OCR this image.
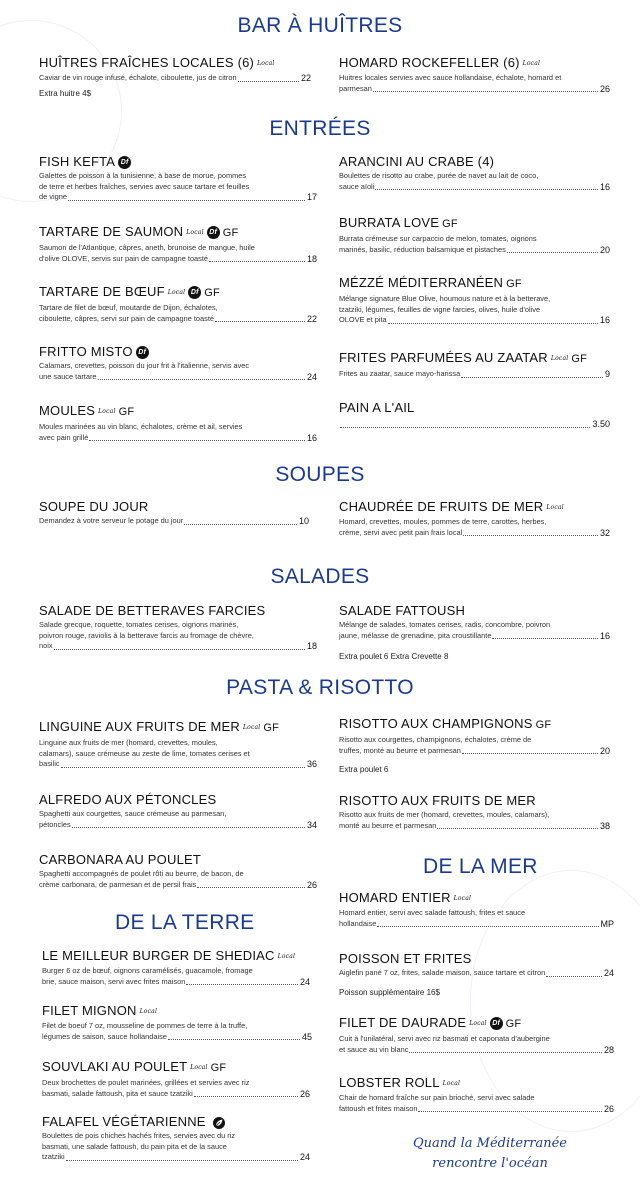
BAR À HUÎTRES
ENTRÉES
SOUPES
SALADES
PASTA & RISOTTO
DE LA TERRE
DE LA MER
HUÎTRES FRAÎCHES LOCALES (6) Local
Caviar de vin rouge infusé, échalote, ciboulette, jus de citron	22
Extra huitre 4$
HOMARD ROCKEFELLER (6) Local
Huitres locales servies avec sauce hollandaise, échalote, homard et
parmesan	26
FISH KEFTA Df
Galettes de poisson à la tunisienne, à base de morue, pommes
de terre et herbes fraîches, servies avec sauce tartare et feuilles
de vigne	17
TARTARE DE SAUMON Local Df GF
Saumon de l'Atlantique, câpres, aneth, brunoise de mangue, huile
d'olive OLOVE, servis sur pain de campagne toasté	18
TARTARE DE BŒUF Local Df GF
Tartare de filet de bœuf, moutarde de Dijon, échalotes,
ciboulette, câpres, servi sur pain de campagne toasté	22
FRITTO MISTO Df
Calamars, crevettes, poisson du jour frit à l'italienne, servis avec
une sauce tartare	24
MOULES Local GF
Moules marinées au vin blanc, échalotes, crème et ail, servies
avec pain grillé	16
ARANCINI AU CRABE (4)
Boulettes de risotto au crabe, purée de navet au lait de coco,
sauce aïoli	16
BURRATA LOVE GF
Burrata crémeuse sur carpaccio de melon, tomates, oignons
marinés, basilic, réduction balsamique et pistaches	20
MÉZZÉ MÉDITERRANÉEN GF
Mélange signature Blue Olive, houmous nature et à la betterave,
tzatziki, légumes, feuilles de vigne farcies, olives, huile d'olive
OLOVE et pita	16
FRITES PARFUMÉES AU ZAATAR Local GF
Frites au zaatar, sauce mayo-harissa	9
PAIN A L'AIL
3.50
SOUPE DU JOUR
Demandez à votre serveur le potage du jour	10
CHAUDRÉE DE FRUITS DE MER Local
Homard, crevettes, moules, pommes de terre, carottes, herbes,
crème, servi avec petit pain frais local	32
SALADE DE BETTERAVES FARCIES
Salade grecque, roquette, tomates cerises, oignons marinés,
poivron rouge, raviolis à la betterave farcis au fromage de chèvre,
noix	18
SALADE FATTOUSH
Mélange de salades, tomates cerises, radis, concombre, poivron
jaune, mélasse de grenadine, pita croustillante	16
Extra poulet 6 Extra Crevette 8
LINGUINE AUX FRUITS DE MER Local GF
Linguine aux fruits de mer (homard, crevettes, moules,
calamars), sauce crémeuse au zeste de lime, tomates cerises et
basilic	36
ALFREDO AUX PÉTONCLES
Spaghetti aux courgettes, sauce crémeuse au parmesan,
pétoncles	34
CARBONARA AU POULET
Spaghetti accompagnés de poulet rôti au beurre, de bacon, de
crème carbonara, de parmesan et de persil frais	26
RISOTTO AUX CHAMPIGNONS GF
Risotto aux courgettes, champignons, échalotes, crème de
truffes, monté au beurre et parmesan	20
Extra poulet 6
RISOTTO AUX FRUITS DE MER
Risotto aux fruits de mer (homard, crevettes, moules, calamars),
monté au beurre et parmesan	38
LE MEILLEUR BURGER DE SHEDIAC Local
Burger 6 oz de bœuf, oignons caramélisés, guacamole, fromage
brie, sauce maison, servi avec frites maison	24
FILET MIGNON Local
Filet de boeuf 7 oz, mousseline de pommes de terre à la truffe,
légumes de saison, sauce hollandaise	45
SOUVLAKI AU POULET Local GF
Deux brochettes de poulet marinées, grillées et servies avec riz
basmati, salade fattoush, pita et sauce tzatziki	26
FALAFEL VÉGÉTARIENNE
Boulettes de pois chiches hachés frites, servies avec du riz
basmati, une salade fattoush, du pain pita et de la sauce
tzatziki	24
HOMARD ENTIER Local
Homard entier, servi avec salade fattoush, frites et sauce
hollandaise	MP
POISSON ET FRITES
Aiglefin pané 7 oz, frites, salade maison, sauce tartare et citron	24
Poisson supplémentaire 16$
FILET DE DAURADE Local Df GF
Cuit à l'unilatéral, servi avec riz basmati et caponata d'aubergine
et sauce au vin blanc	28
LOBSTER ROLL Local
Chair de homard fraîche sur pain brioché, servi avec salade
fattoush et frites maison	26
Quand la Méditerranée
rencontre l'océan
